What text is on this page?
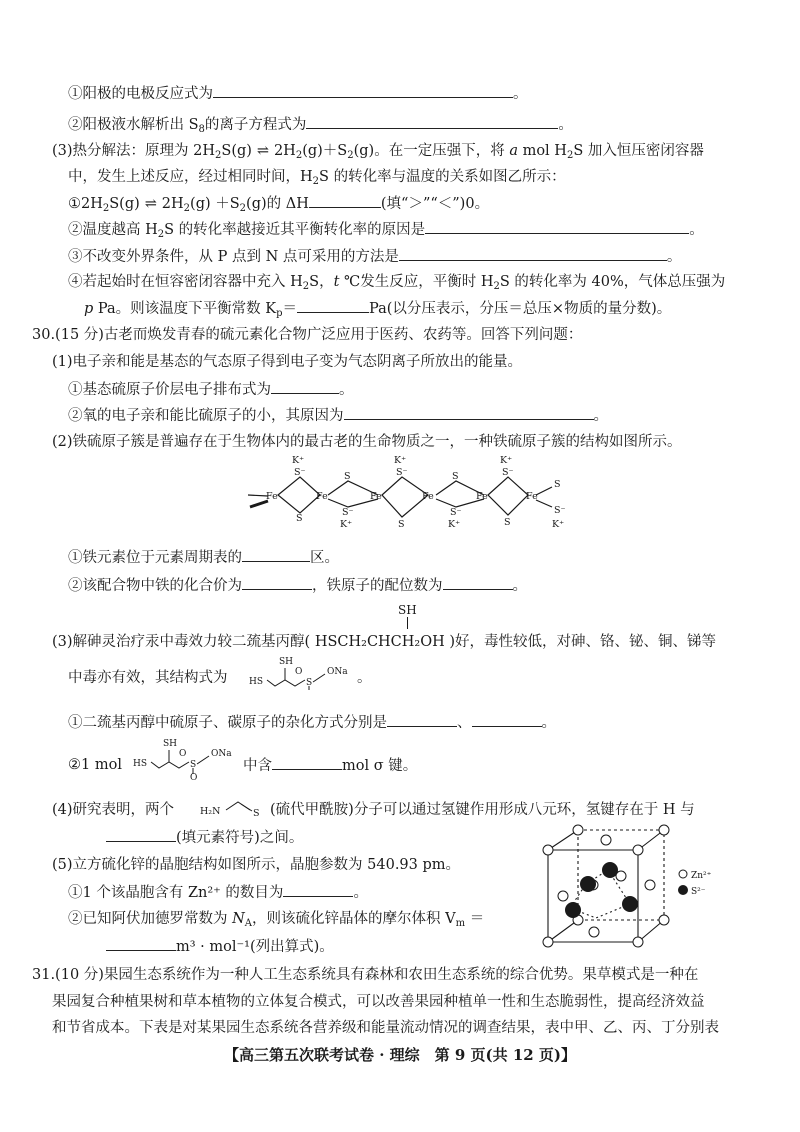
①阳极的电极反应式为	。
②阳极液水解析出 $S_8$的离子方程式为	。
(3)热分解法：原理为 $2H_2S(g)$ ⇌ $2H_2(g)+S_2(g)$。在一定压强下，将 a mol $H_2S$ 加入恒压密闭容器
中，发生上述反应，经过相同时间，$H_2S$ 的转化率与温度的关系如图乙所示：
$①2H_2S(g)$ ⇌ $2H_2(g) +S_2(g)$的 ΔH	(填“＞”“＜”)0。
②温度越高 $H_2S$ 的转化率越接近其平衡转化率的原因是	。
③不改变外界条件，从 P 点到 N 点可采用的方法是	。
④若起始时在恒容密闭容器中充入 $H_2S$，t ℃发生反应，平衡时 $H_2S$ 的转化率为 40%，气体总压强为
p Pa。则该温度下平衡常数 $K_p=$	Pa(以分压表示，分压＝总压×物质的量分数)。
30.(15 分)古老而焕发青春的硫元素化合物广泛应用于医药、农药等。回答下列问题：
(1)电子亲和能是基态的气态原子得到电子变为气态阴离子所放出的能量。
①基态硫原子价层电子排布式为	。
②氧的电子亲和能比硫原子的小，其原因为	。
(2)铁硫原子簇是普遍存在于生物体内的最古老的生命物质之一，一种铁硫原子簇的结构如图所示。
Fe	Fe	Fe	Fe	Fe	Fe
S⁻
K⁺
S
S
S⁻
K⁺
S⁻
K⁺
S
S
S⁻
K⁺
S⁻
K⁺
S
S
S⁻
K⁺
①铁元素位于元素周期表的	区。
②该配合物中铁的化合价为	，铁原子的配位数为	。
SH
(3)解砷灵治疗汞中毒效力较二巯基丙醇( HSCH₂CHCH₂OH )好，毒性较低，对砷、铬、铋、铜、锑等
中毒亦有效，其结构式为 HS
SH
S
ONa
O	。
①二巯基丙醇中硫原子、碳原子的杂化方式分别是	、	。
②1 mol HS
SH
S
ONa
O
O
中含	mol σ 键。
(4)研究表明，两个	H₂N	S (硫代甲酰胺)分子可以通过氢键作用形成八元环，氢键存在于 H 与
(填元素符号)之间。
(5)立方硫化锌的晶胞结构如图所示，晶胞参数为 540.93 pm。
①1 个该晶胞含有 Zn²⁺ 的数目为	。
②已知阿伏加德罗常数为 $N_A$，则该硫化锌晶体的摩尔体积 $V_m$ ＝
m³ · mol⁻¹(列出算式)。
Zn²⁺
S²⁻
31.(10 分)果园生态系统作为一种人工生态系统具有森林和农田生态系统的综合优势。果草模式是一种在
果园复合种植果树和草本植物的立体复合模式，可以改善果园种植单一性和生态脆弱性，提高经济效益
和节省成本。下表是对某果园生态系统各营养级和能量流动情况的调查结果，表中甲、乙、丙、丁分别表
【高三第五次联考试卷 · 理综　第 9 页(共 12 页)】
